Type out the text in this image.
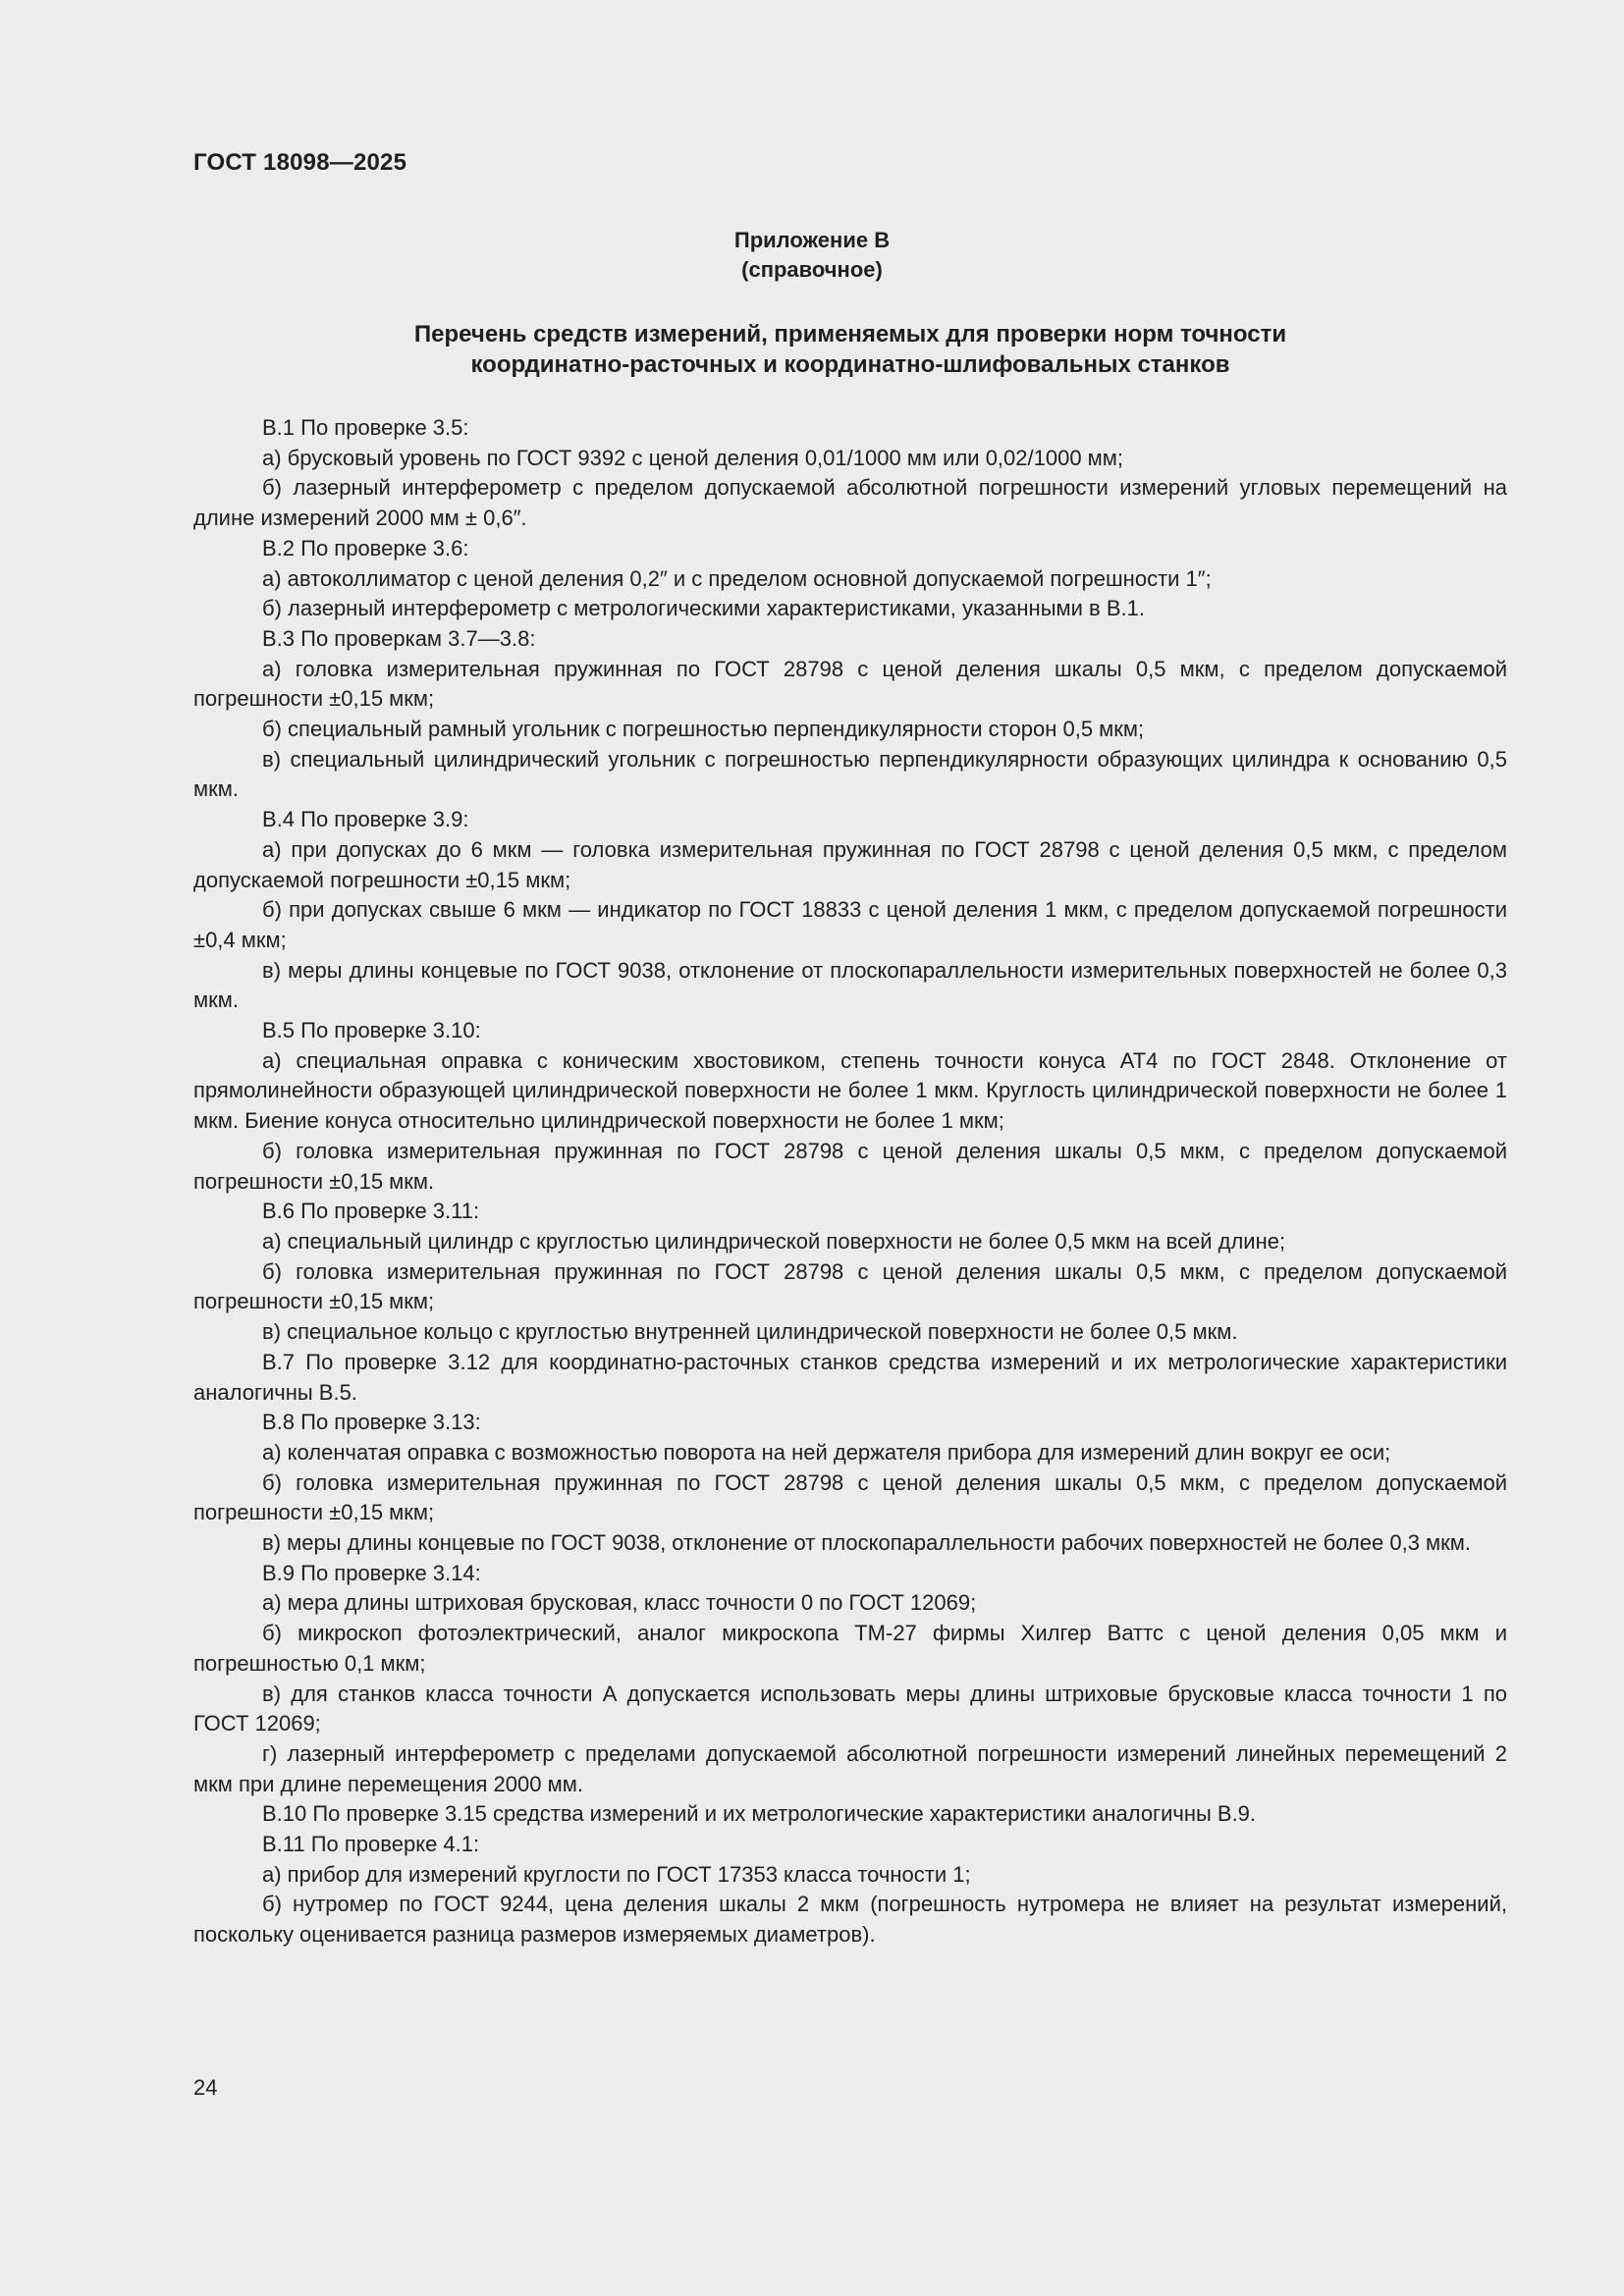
ГОСТ 18098—2025
Приложение В
(справочное)
Перечень средств измерений, применяемых для проверки норм точности
координатно-расточных и координатно-шлифовальных станков

В.1 По проверке 3.5:

а) брусковый уровень по ГОСТ 9392 с ценой деления 0,01/1000 мм или 0,02/1000 мм;

б) лазерный интерферометр с пределом допускаемой абсолютной погрешности измерений угловых перемещений на длине измерений 2000 мм ± 0,6″.

В.2 По проверке 3.6:

а) автоколлиматор с ценой деления 0,2″ и с пределом основной допускаемой погрешности 1″;

б) лазерный интерферометр с метрологическими характеристиками, указанными в В.1.

В.3 По проверкам 3.7—3.8:

а) головка измерительная пружинная по ГОСТ 28798 с ценой деления шкалы 0,5 мкм, с пределом допускаемой погрешности ±0,15 мкм;

б) специальный рамный угольник с погрешностью перпендикулярности сторон 0,5 мкм;

в) специальный цилиндрический угольник с погрешностью перпендикулярности образующих цилиндра к основанию 0,5 мкм.

В.4 По проверке 3.9:

а) при допусках до 6 мкм — головка измерительная пружинная по ГОСТ 28798 с ценой деления 0,5 мкм, с пределом допускаемой погрешности ±0,15 мкм;

б) при допусках свыше 6 мкм — индикатор по ГОСТ 18833 с ценой деления 1 мкм, с пределом допускаемой погрешности ±0,4 мкм;

в) меры длины концевые по ГОСТ 9038, отклонение от плоскопараллельности измерительных поверхностей не более 0,3 мкм.

В.5 По проверке 3.10:

а) специальная оправка с коническим хвостовиком, степень точности конуса АТ4 по ГОСТ 2848. Отклонение от прямолинейности образующей цилиндрической поверхности не более 1 мкм. Круглость цилиндрической поверхности не более 1 мкм. Биение конуса относительно цилиндрической поверхности не более 1 мкм;

б) головка измерительная пружинная по ГОСТ 28798 с ценой деления шкалы 0,5 мкм, с пределом допускаемой погрешности ±0,15 мкм.

В.6 По проверке 3.11:

а) специальный цилиндр с круглостью цилиндрической поверхности не более 0,5 мкм на всей длине;

б) головка измерительная пружинная по ГОСТ 28798 с ценой деления шкалы 0,5 мкм, с пределом допускаемой погрешности ±0,15 мкм;

в) специальное кольцо с круглостью внутренней цилиндрической поверхности не более 0,5 мкм.

В.7 По проверке 3.12 для координатно-расточных станков средства измерений и их метрологические характеристики аналогичны В.5.

В.8 По проверке 3.13:

а) коленчатая оправка с возможностью поворота на ней держателя прибора для измерений длин вокруг ее оси;

б) головка измерительная пружинная по ГОСТ 28798 с ценой деления шкалы 0,5 мкм, с пределом допускаемой погрешности ±0,15 мкм;

в) меры длины концевые по ГОСТ 9038, отклонение от плоскопараллельности рабочих поверхностей не более 0,3 мкм.

В.9 По проверке 3.14:

а) мера длины штриховая брусковая, класс точности 0 по ГОСТ 12069;

б) микроскоп фотоэлектрический, аналог микроскопа ТМ-27 фирмы Хилгер Ваттс с ценой деления 0,05 мкм и погрешностью 0,1 мкм;

в) для станков класса точности А допускается использовать меры длины штриховые брусковые класса точности 1 по ГОСТ 12069;

г) лазерный интерферометр с пределами допускаемой абсолютной погрешности измерений линейных перемещений 2 мкм при длине перемещения 2000 мм.

В.10 По проверке 3.15 средства измерений и их метрологические характеристики аналогичны В.9.

В.11 По проверке 4.1:

а) прибор для измерений круглости по ГОСТ 17353 класса точности 1;

б) нутромер по ГОСТ 9244, цена деления шкалы 2 мкм (погрешность нутромера не влияет на результат измерений, поскольку оценивается разница размеров измеряемых диаметров).

24
